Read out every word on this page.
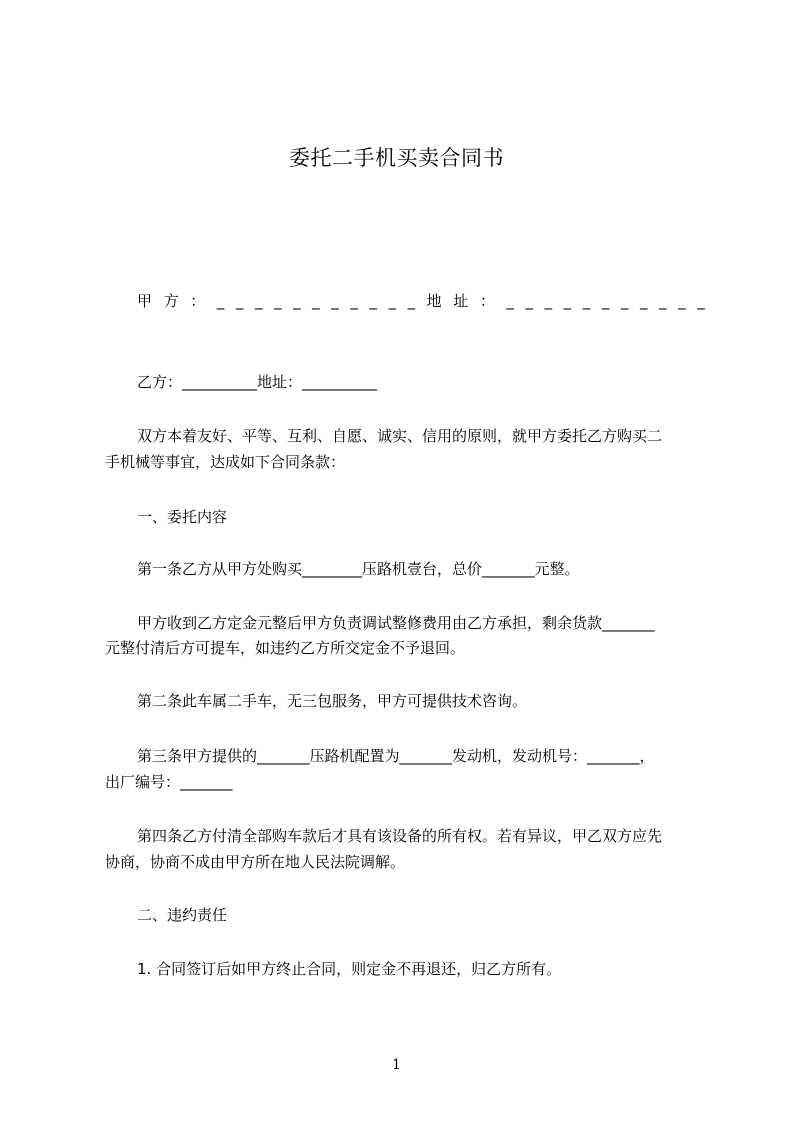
委托二手机买卖合同书
甲 方 ： _ _ _ _ _ _ _ _ _ _ _ 地 址 ： _ _ _ _ _ _ _ _ _ _ _
乙方：__________地址：__________
双方本着友好、平等、互利、自愿、诚实、信用的原则，就甲方委托乙方购买二
手机械等事宜，达成如下合同条款：
一、委托内容
第一条乙方从甲方处购买________压路机壹台，总价_______元整。
甲方收到乙方定金元整后甲方负责调试整修费用由乙方承担，剩余货款_______
元整付清后方可提车，如违约乙方所交定金不予退回。
第二条此车属二手车，无三包服务，甲方可提供技术咨询。
第三条甲方提供的_______压路机配置为_______发动机，发动机号：_______，
出厂编号：_______
第四条乙方付清全部购车款后才具有该设备的所有权。若有异议，甲乙双方应先
协商，协商不成由甲方所在地人民法院调解。
二、违约责任
1. 合同签订后如甲方终止合同，则定金不再退还，归乙方所有。
1
